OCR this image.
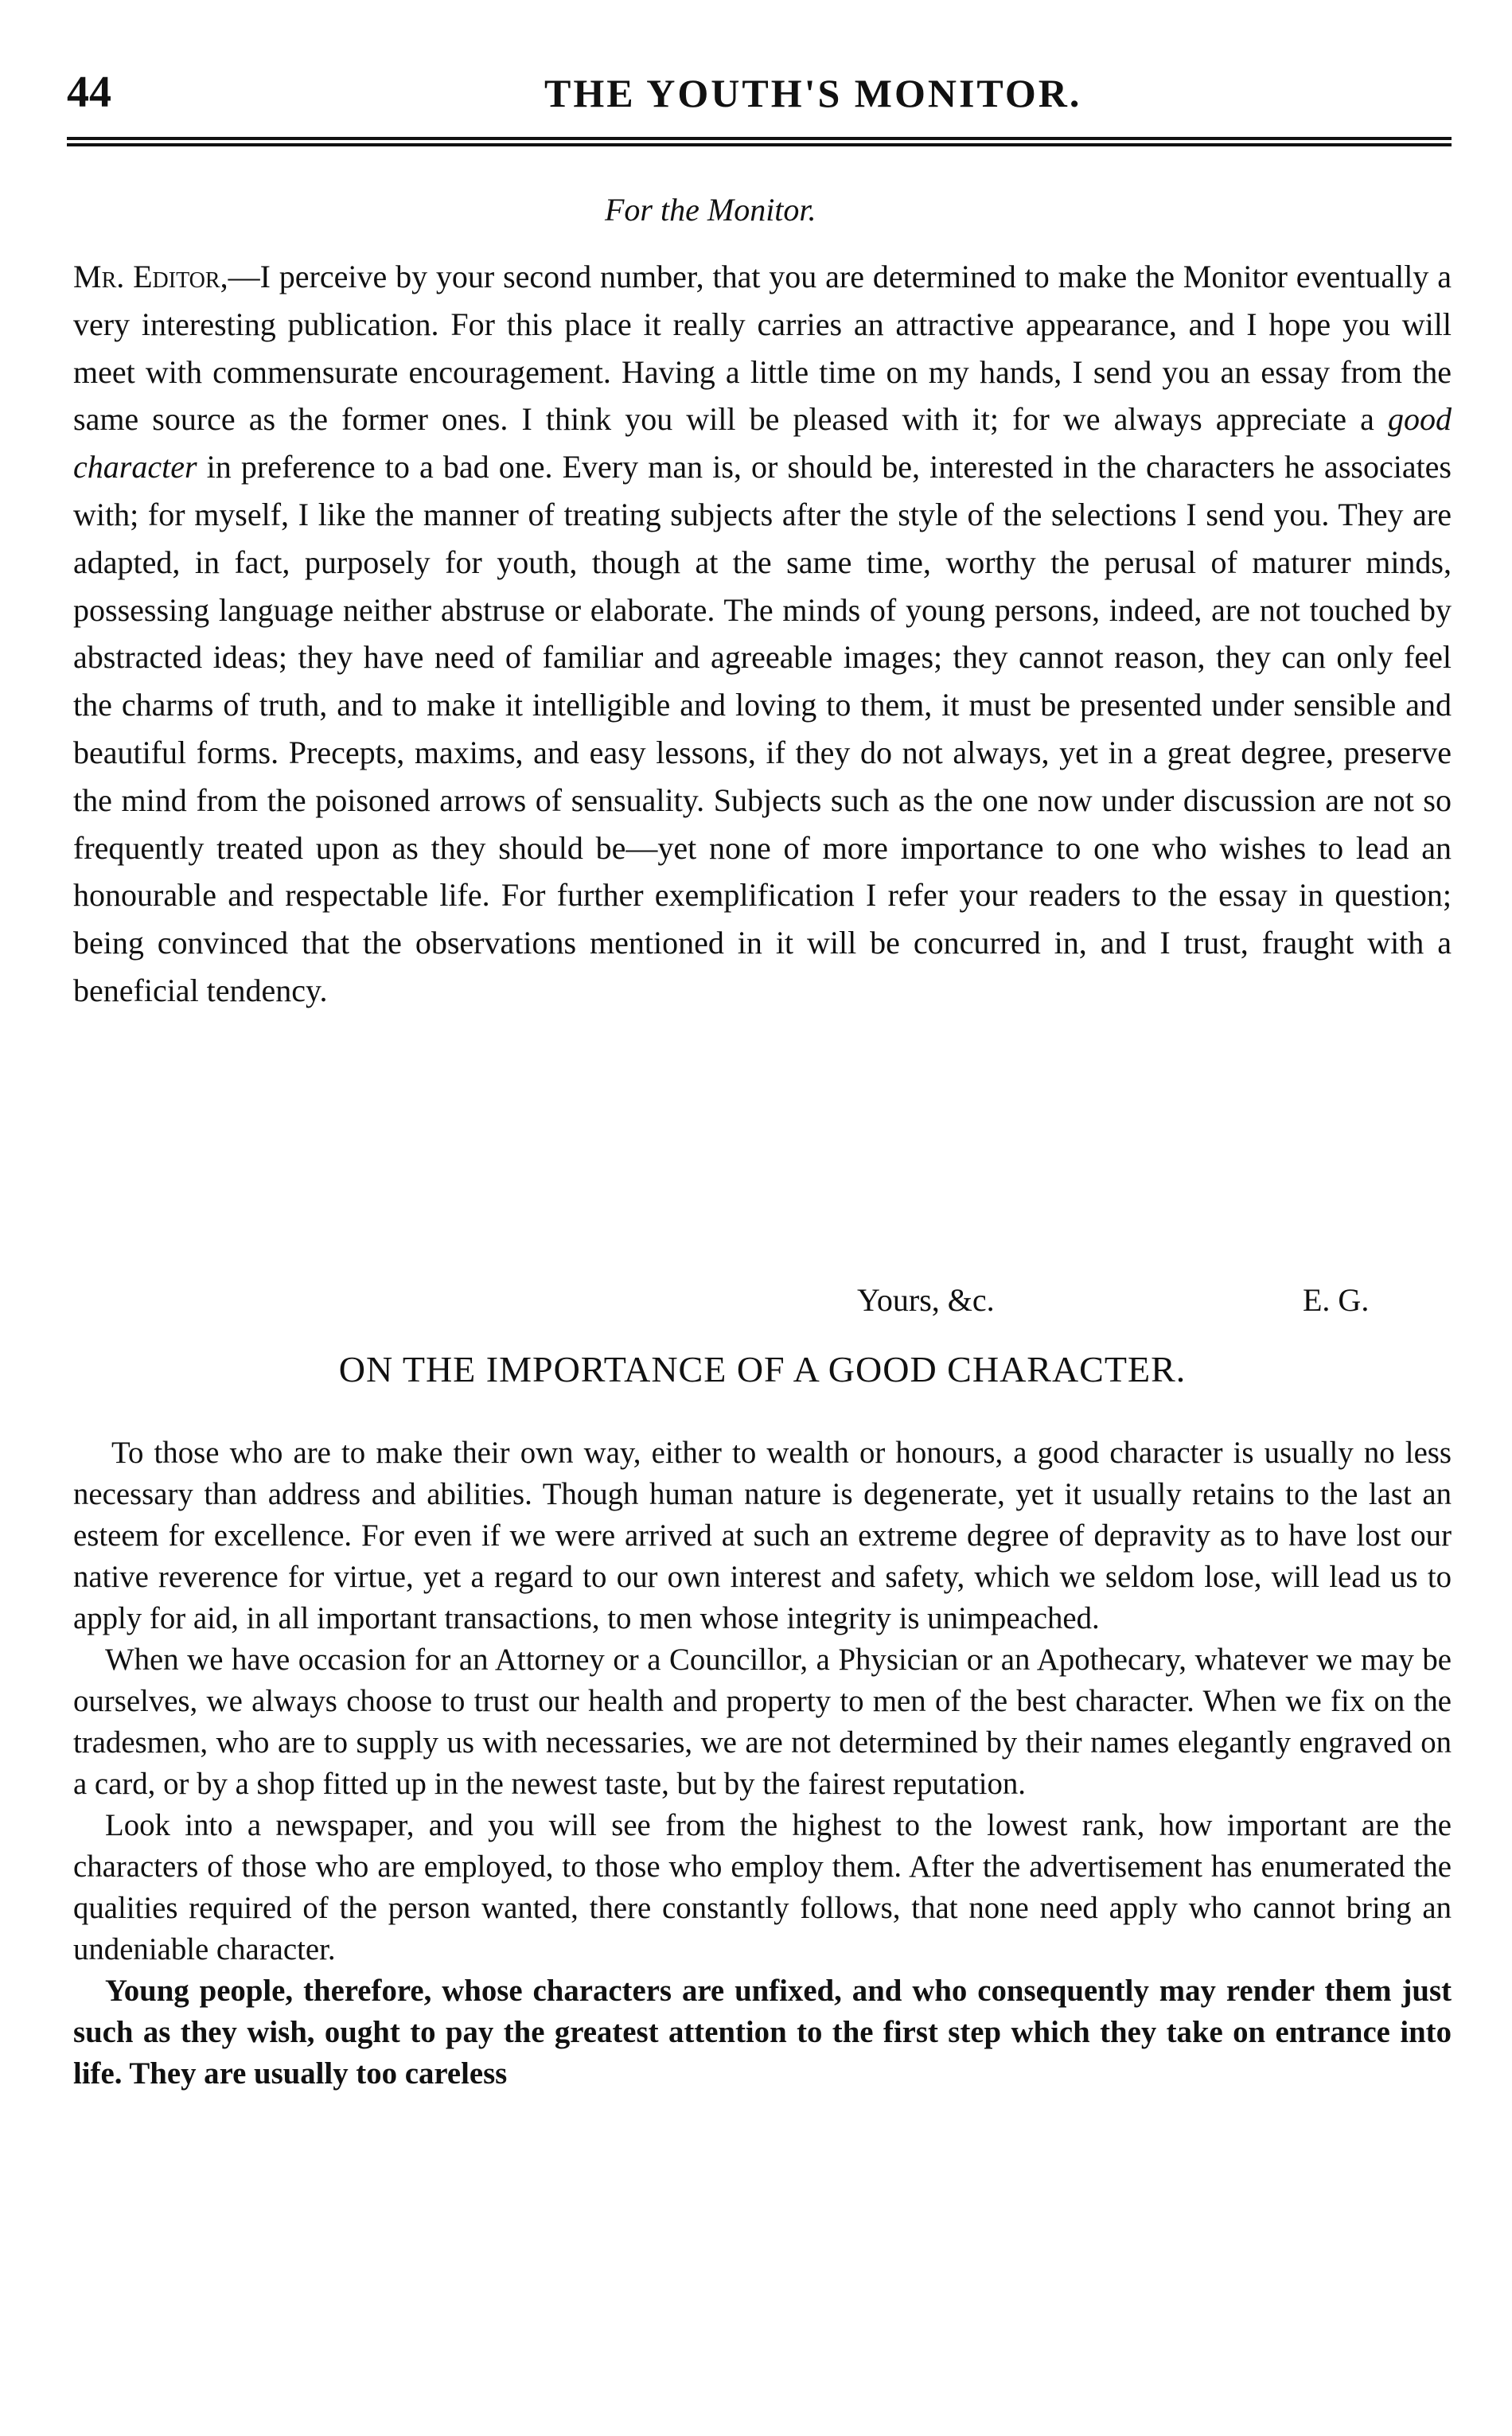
44	THE YOUTH'S MONITOR.
For the Monitor.

Mr. Editor,—I perceive by your second number, that you are determined to make the Monitor eventually a very interesting publication. For this place it really carries an attractive appearance, and I hope you will meet with commensurate encouragement. Having a little time on my hands, I send you an essay from the same source as the former ones. I think you will be pleased with it; for we always appreciate a good character in preference to a bad one. Every man is, or should be, interested in the characters he associates with; for myself, I like the manner of treating subjects after the style of the selections I send you. They are adapted, in fact, purposely for youth, though at the same time, worthy the perusal of maturer minds, possessing language neither abstruse or elaborate. The minds of young persons, indeed, are not touched by abstracted ideas; they have need of familiar and agreeable images; they cannot reason, they can only feel the charms of truth, and to make it intelligible and loving to them, it must be presented under sensible and beautiful forms. Precepts, maxims, and easy lessons, if they do not always, yet in a great degree, preserve the mind from the poisoned arrows of sensuality. Subjects such as the one now under discussion are not so frequently treated upon as they should be—yet none of more importance to one who wishes to lead an honourable and respectable life. For further exemplification I refer your readers to the essay in question; being convinced that the observations mentioned in it will be concurred in, and I trust, fraught with a beneficial tendency.

Yours, &c.	E. G.
ON THE IMPORTANCE OF A GOOD CHARACTER.

To those who are to make their own way, either to wealth or honours, a good character is usually no less necessary than address and abilities. Though human nature is degenerate, yet it usually retains to the last an esteem for excellence. For even if we were arrived at such an extreme degree of depravity as to have lost our native reverence for virtue, yet a regard to our own interest and safety, which we seldom lose, will lead us to apply for aid, in all important transactions, to men whose integrity is unimpeached.

When we have occasion for an Attorney or a Councillor, a Physician or an Apothecary, whatever we may be ourselves, we always choose to trust our health and property to men of the best character. When we fix on the tradesmen, who are to supply us with necessaries, we are not determined by their names elegantly engraved on a card, or by a shop fitted up in the newest taste, but by the fairest reputation.

Look into a newspaper, and you will see from the highest to the lowest rank, how important are the characters of those who are employed, to those who employ them. After the advertisement has enumerated the qualities required of the person wanted, there constantly follows, that none need apply who cannot bring an undeniable character.

Young people, therefore, whose characters are unfixed, and who consequently may render them just such as they wish, ought to pay the greatest attention to the first step which they take on entrance into life. They are usually too careless
